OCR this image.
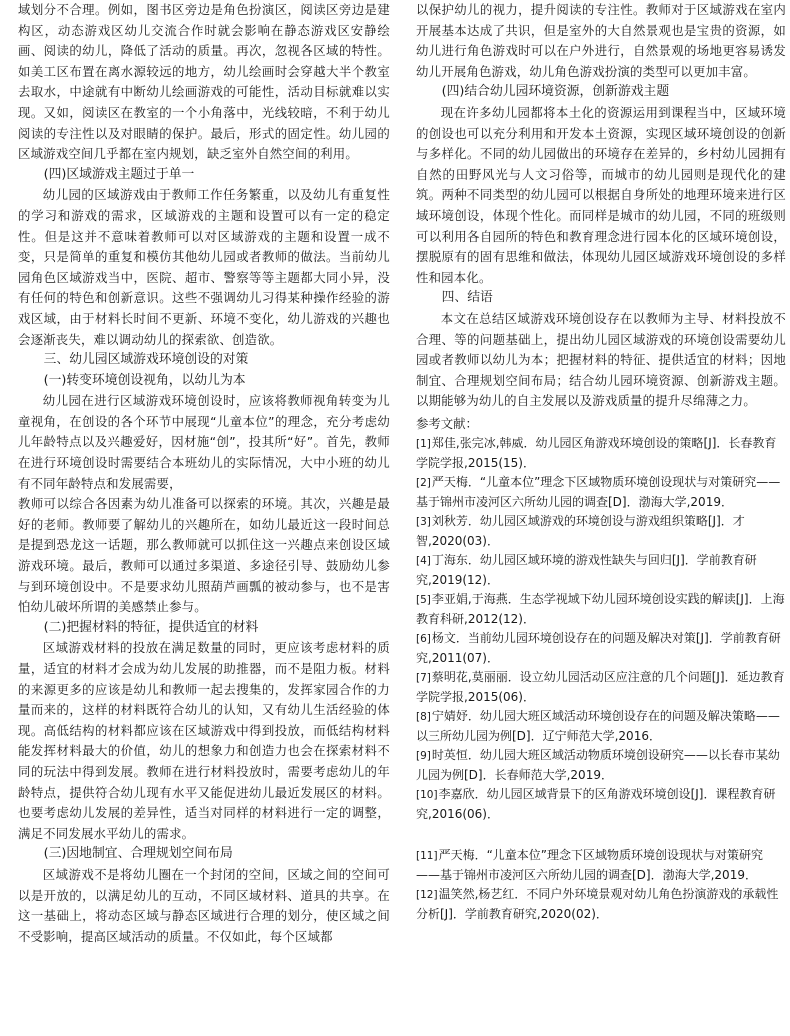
域划分不合理。例如，图书区旁边是角色扮演区，阅读区旁边是建构区，动态游戏区幼儿交流合作时就会影响在静态游戏区安静绘画、阅读的幼儿，降低了活动的质量。再次，忽视各区域的特性。如美工区布置在离水源较远的地方，幼儿绘画时会穿越大半个教室去取水，中途就有中断幼儿绘画游戏的可能性，活动目标就难以实现。又如，阅读区在教室的一个小角落中，光线较暗，不利于幼儿阅读的专注性以及对眼睛的保护。最后，形式的固定性。幼儿园的区域游戏空间几乎都在室内规划，缺乏室外自然空间的利用。

(四)区域游戏主题过于单一

幼儿园的区域游戏由于教师工作任务繁重，以及幼儿有重复性的学习和游戏的需求，区域游戏的主题和设置可以有一定的稳定性。但是这并不意味着教师可以对区域游戏的主题和设置一成不变，只是简单的重复和模仿其他幼儿园或者教师的做法。当前幼儿园角色区域游戏当中，医院、超市、警察等等主题都大同小异，没有任何的特色和创新意识。这些不强调幼儿习得某种操作经验的游戏区域，由于材料长时间不更新、环境不变化，幼儿游戏的兴趣也会逐渐丧失，难以调动幼儿的探索欲、创造欲。

三、幼儿园区域游戏环境创设的对策

(一)转变环境创设视角，以幼儿为本

幼儿园在进行区域游戏环境创设时，应该将教师视角转变为儿童视角，在创设的各个环节中展现“儿童本位”的理念，充分考虑幼儿年龄特点以及兴趣爱好，因材施“创”，投其所“好”。首先，教师在进行环境创设时需要结合本班幼儿的实际情况，大中小班的幼儿有不同年龄特点和发展需要，

教师可以综合各因素为幼儿准备可以探索的环境。其次，兴趣是最好的老师。教师要了解幼儿的兴趣所在，如幼儿最近这一段时间总是提到恐龙这一话题，那么教师就可以抓住这一兴趣点来创设区域游戏环境。最后，教师可以通过多渠道、多途径引导、鼓励幼儿参与到环境创设中。不是要求幼儿照葫芦画瓢的被动参与，也不是害怕幼儿破坏所谓的美感禁止参与。

(二)把握材料的特征，提供适宜的材料

区域游戏材料的投放在满足数量的同时，更应该考虑材料的质量，适宜的材料才会成为幼儿发展的助推器，而不是阻力板。材料的来源更多的应该是幼儿和教师一起去搜集的，发挥家园合作的力量而来的，这样的材料既符合幼儿的认知，又有幼儿生活经验的体现。高低结构的材料都应该在区域游戏中得到投放，而低结构材料能发挥材料最大的价值，幼儿的想象力和创造力也会在探索材料不同的玩法中得到发展。教师在进行材料投放时，需要考虑幼儿的年龄特点，提供符合幼儿现有水平又能促进幼儿最近发展区的材料。也要考虑幼儿发展的差异性，适当对同样的材料进行一定的调整，满足不同发展水平幼儿的需求。

(三)因地制宜、合理规划空间布局

区域游戏不是将幼儿圈在一个封闭的空间，区域之间的空间可以是开放的，以满足幼儿的互动，不同区域材料、道具的共享。在这一基础上，将动态区域与静态区域进行合理的划分，使区域之间不受影响，提高区域活动的质量。不仅如此，每个区域都

以保护幼儿的视力，提升阅读的专注性。教师对于区域游戏在室内开展基本达成了共识，但是室外的大自然景观也是宝贵的资源，如幼儿进行角色游戏时可以在户外进行，自然景观的场地更容易诱发幼儿开展角色游戏，幼儿角色游戏扮演的类型可以更加丰富。

(四)结合幼儿园环境资源，创新游戏主题

现在许多幼儿园都将本土化的资源运用到课程当中，区域环境的创设也可以充分利用和开发本土资源，实现区域环境创设的创新与多样化。不同的幼儿园做出的环境存在差异的，乡村幼儿园拥有自然的田野风光与人文习俗等，而城市的幼儿园则是现代化的建筑。两种不同类型的幼儿园可以根据自身所处的地理环境来进行区域环境创设，体现个性化。而同样是城市的幼儿园，不同的班级则可以利用各自园所的特色和教育理念进行园本化的区域环境创设，摆脱原有的固有思维和做法，体现幼儿园区域游戏环境创设的多样性和园本化。

四、结语

本文在总结区域游戏环境创设存在以教师为主导、材料投放不合理、等的问题基础上，提出幼儿园区域游戏的环境创设需要幼儿园或者教师以幼儿为本；把握材料的特征、提供适宜的材料；因地制宜、合理规划空间布局；结合幼儿园环境资源、创新游戏主题。以期能够为幼儿的自主发展以及游戏质量的提升尽绵薄之力。

参考文献：

[1]郑佳,张完冰,韩威．幼儿园区角游戏环境创设的策略[J]．长春教育学院学报,2015(15)．

[2]严天梅．“儿童本位”理念下区域物质环境创设现状与对策研究——基于锦州市凌河区六所幼儿园的调查[D]．渤海大学,2019．

[3]刘秋芳．幼儿园区域游戏的环境创设与游戏组织策略[J]．才智,2020(03)．

[4]丁海东．幼儿园区域环境的游戏性缺失与回归[J]．学前教育研究,2019(12)．

[5]李亚娟,于海燕．生态学视域下幼儿园环境创设实践的解读[J]．上海教育科研,2012(12)．

[6]杨文．当前幼儿园环境创设存在的问题及解决对策[J]．学前教育研究,2011(07)．

[7]蔡明花,莫丽丽．设立幼儿园活动区应注意的几个问题[J]．延边教育学院学报,2015(06)．

[8]宁婧妤．幼儿园大班区域活动环境创设存在的问题及解决策略——以三所幼儿园为例[D]．辽宁师范大学,2016．

[9]时英恒．幼儿园大班区域活动物质环境创设研究——以长春市某幼儿园为例[D]．长春师范大学,2019．

[10]李嘉欣．幼儿园区域背景下的区角游戏环境创设[J]．课程教育研究,2016(06)．

[11]严天梅．“儿童本位”理念下区域物质环境创设现状与对策研究——基于锦州市凌河区六所幼儿园的调查[D]．渤海大学,2019．

[12]温笑然,杨艺红．不同户外环境景观对幼儿角色扮演游戏的承载性分析[J]．学前教育研究,2020(02)．
